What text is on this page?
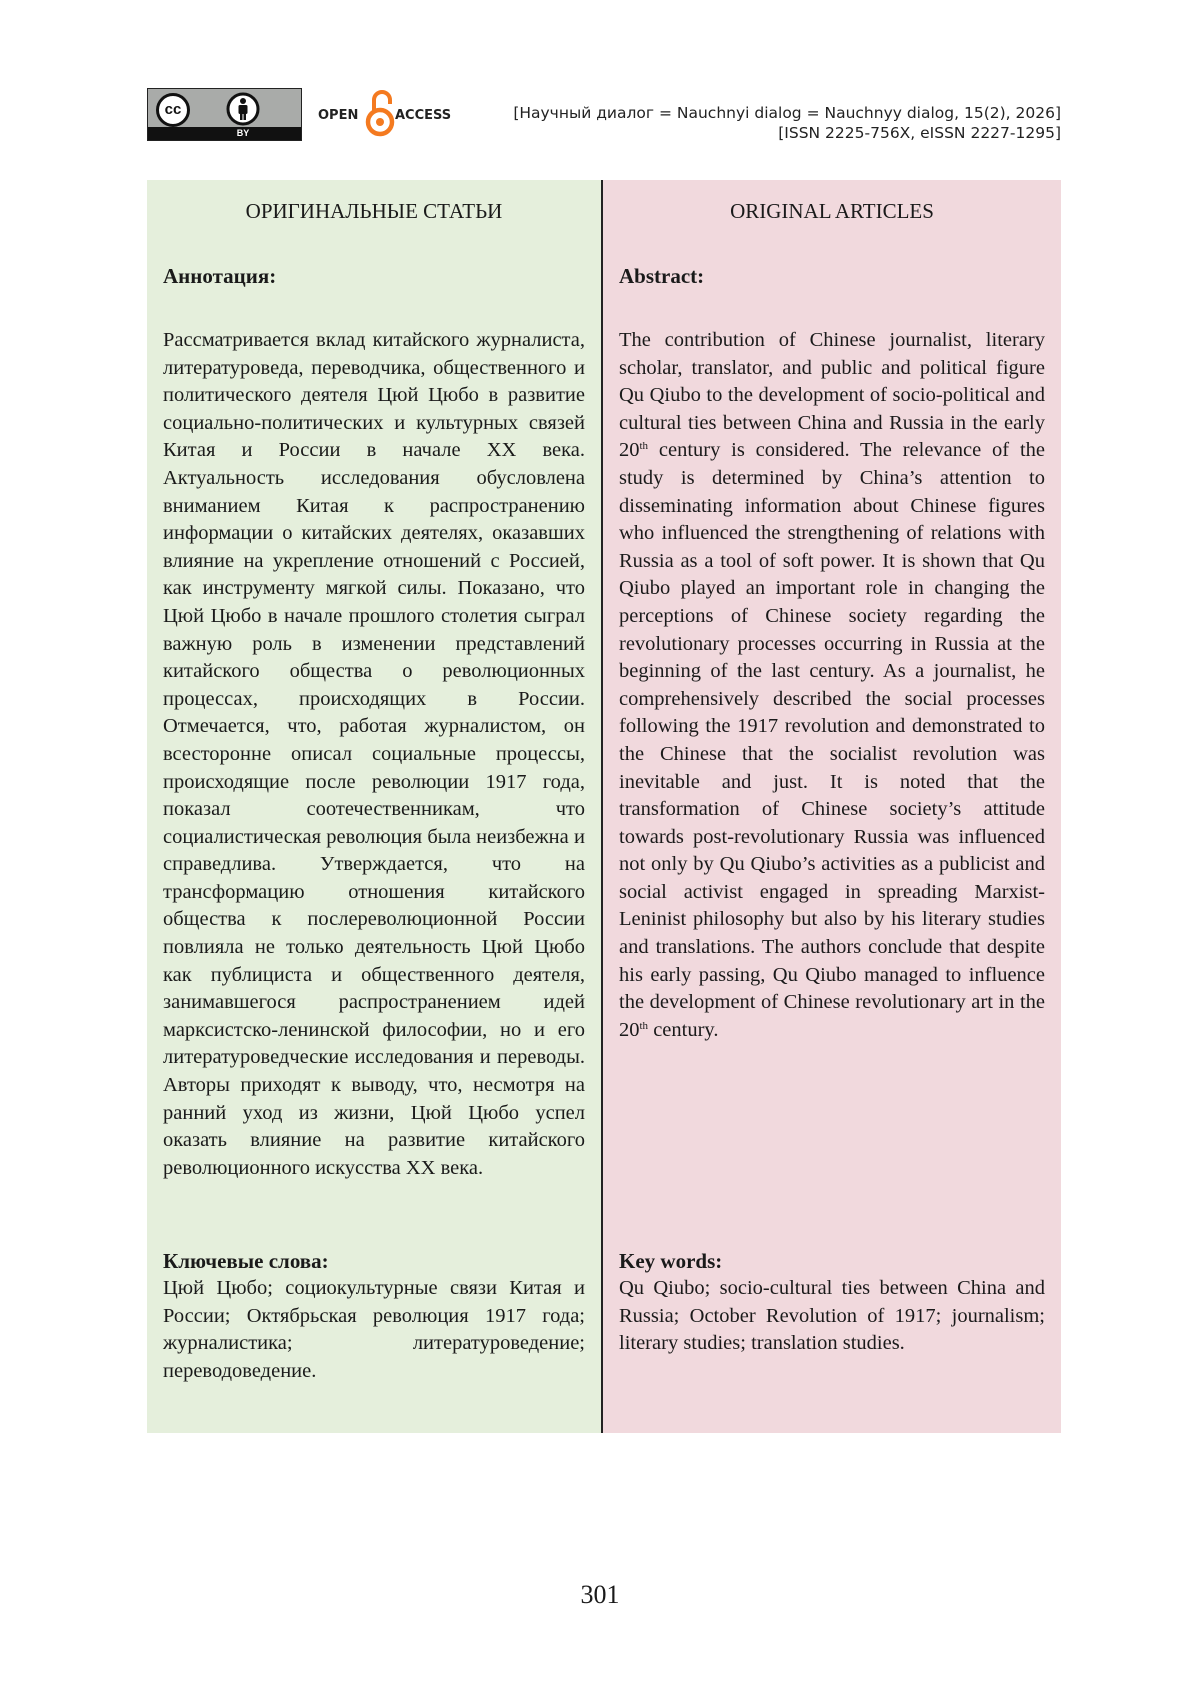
cc
BY
OPEN	ACCESS	[Научный диалог = Nauchnyi dialog = Nauchnyy dialog, 15(2), 2026]
[ISSN 2225-756X, eISSN 2227-1295]
ОРИГИНАЛЬНЫЕ СТАТЬИ
Аннотация:

Рассматривается вклад китайского журналиста, литературоведа, переводчика, общественного и политического деятеля Цюй Цюбо в развитие социально-политических и культурных связей Китая и России в начале ХХ века. Актуальность исследования обусловлена вниманием Китая к распространению информации о китайских деятелях, оказавших влияние на укрепление отношений с Россией, как инструменту мягкой силы. Показано, что Цюй Цюбо в начале прошлого столетия сыграл важную роль в изменении представлений китайского общества о революционных процессах, происходящих в России. Отмечается, что, работая журналистом, он всесторонне описал социальные процессы, происходящие после революции 1917 года, показал соотечественникам, что социалистическая революция была неизбежна и справедлива. Утверждается, что на трансформацию отношения китайского общества к послереволюционной России повлияла не только деятельность Цюй Цюбо как публициста и общественного деятеля, занимавшегося распространением идей марксистско-ленинской философии, но и его литературоведческие исследования и переводы. Авторы приходят к выводу, что, несмотря на ранний уход из жизни, Цюй Цюбо успел оказать влияние на развитие китайского революционного искусства ХХ века.

Ключевые слова:

Цюй Цюбо; социокультурные связи Китая и России; Октябрьская революция 1917 года; журналистика; литературоведение; переводоведение.

ORIGINAL ARTICLES
Abstract:

The contribution of Chinese journalist, literary scholar, translator, and public and political figure Qu Qiubo to the development of socio-political and cultural ties between China and Russia in the early 20th century is considered. The relevance of the study is determined by China’s attention to disseminating information about Chinese figures who influenced the strengthening of relations with Russia as a tool of soft power. It is shown that Qu Qiubo played an important role in changing the perceptions of Chinese society regarding the revolutionary processes occurring in Russia at the beginning of the last century. As a journalist, he comprehensively described the social processes following the 1917 revolution and demonstrated to the Chinese that the socialist revolution was inevitable and just. It is noted that the transformation of Chinese society’s attitude towards post-revolutionary Russia was influenced not only by Qu Qiubo’s activities as a publicist and social activist engaged in spreading Marxist-Leninist philosophy but also by his literary studies and translations. The authors conclude that despite his early passing, Qu Qiubo managed to influence the development of Chinese revolutionary art in the 20th century.

Key words:

Qu Qiubo; socio-cultural ties between China and Russia; October Revolution of 1917; journalism; literary studies; translation studies.

301
